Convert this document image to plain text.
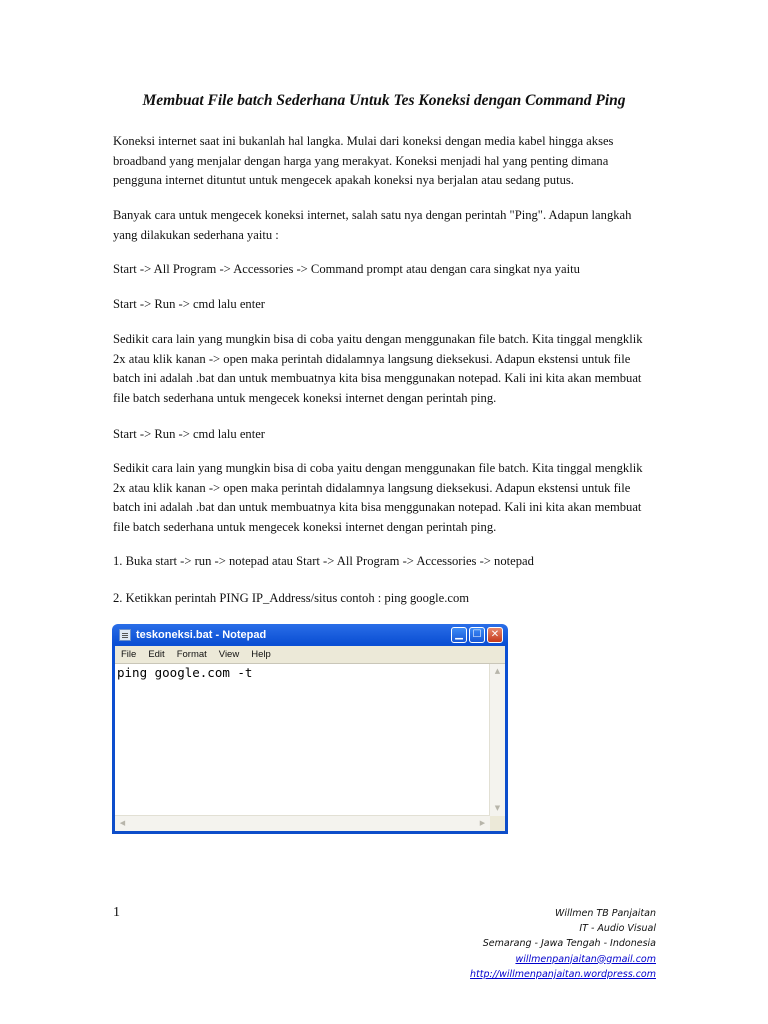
Membuat File batch Sederhana Untuk Tes Koneksi dengan Command Ping

Koneksi internet saat ini bukanlah hal langka. Mulai dari koneksi dengan media kabel hingga akses
broadband yang menjalar dengan harga yang merakyat. Koneksi menjadi hal yang penting dimana
pengguna internet dituntut untuk mengecek apakah koneksi nya berjalan atau sedang putus.

Banyak cara untuk mengecek koneksi internet, salah satu nya dengan perintah "Ping". Adapun langkah
yang dilakukan sederhana yaitu :

Start -> All Program -> Accessories -> Command prompt atau dengan cara singkat nya yaitu

Start -> Run -> cmd lalu enter

Sedikit cara lain yang mungkin bisa di coba yaitu dengan menggunakan file batch. Kita tinggal mengklik
2x atau klik kanan -> open maka perintah didalamnya langsung dieksekusi. Adapun ekstensi untuk file
batch ini adalah .bat dan untuk membuatnya kita bisa menggunakan notepad. Kali ini kita akan membuat
file batch sederhana untuk mengecek koneksi internet dengan perintah ping.

Start -> Run -> cmd lalu enter

Sedikit cara lain yang mungkin bisa di coba yaitu dengan menggunakan file batch. Kita tinggal mengklik
2x atau klik kanan -> open maka perintah didalamnya langsung dieksekusi. Adapun ekstensi untuk file
batch ini adalah .bat dan untuk membuatnya kita bisa menggunakan notepad. Kali ini kita akan membuat
file batch sederhana untuk mengecek koneksi internet dengan perintah ping.

1. Buka start -> run -> notepad atau Start -> All Program -> Accessories -> notepad

2. Ketikkan perintah PING IP_Address/situs contoh : ping google.com

teskoneksi.bat - Notepad	▁ ☐ ✕
File Edit Format View Help
ping google.com -t	▲
▼
◀	▶
1	Willmen TB Panjaitan
IT - Audio Visual
Semarang - Jawa Tengah - Indonesia
willmenpanjaitan@gmail.com
http://willmenpanjaitan.wordpress.com
